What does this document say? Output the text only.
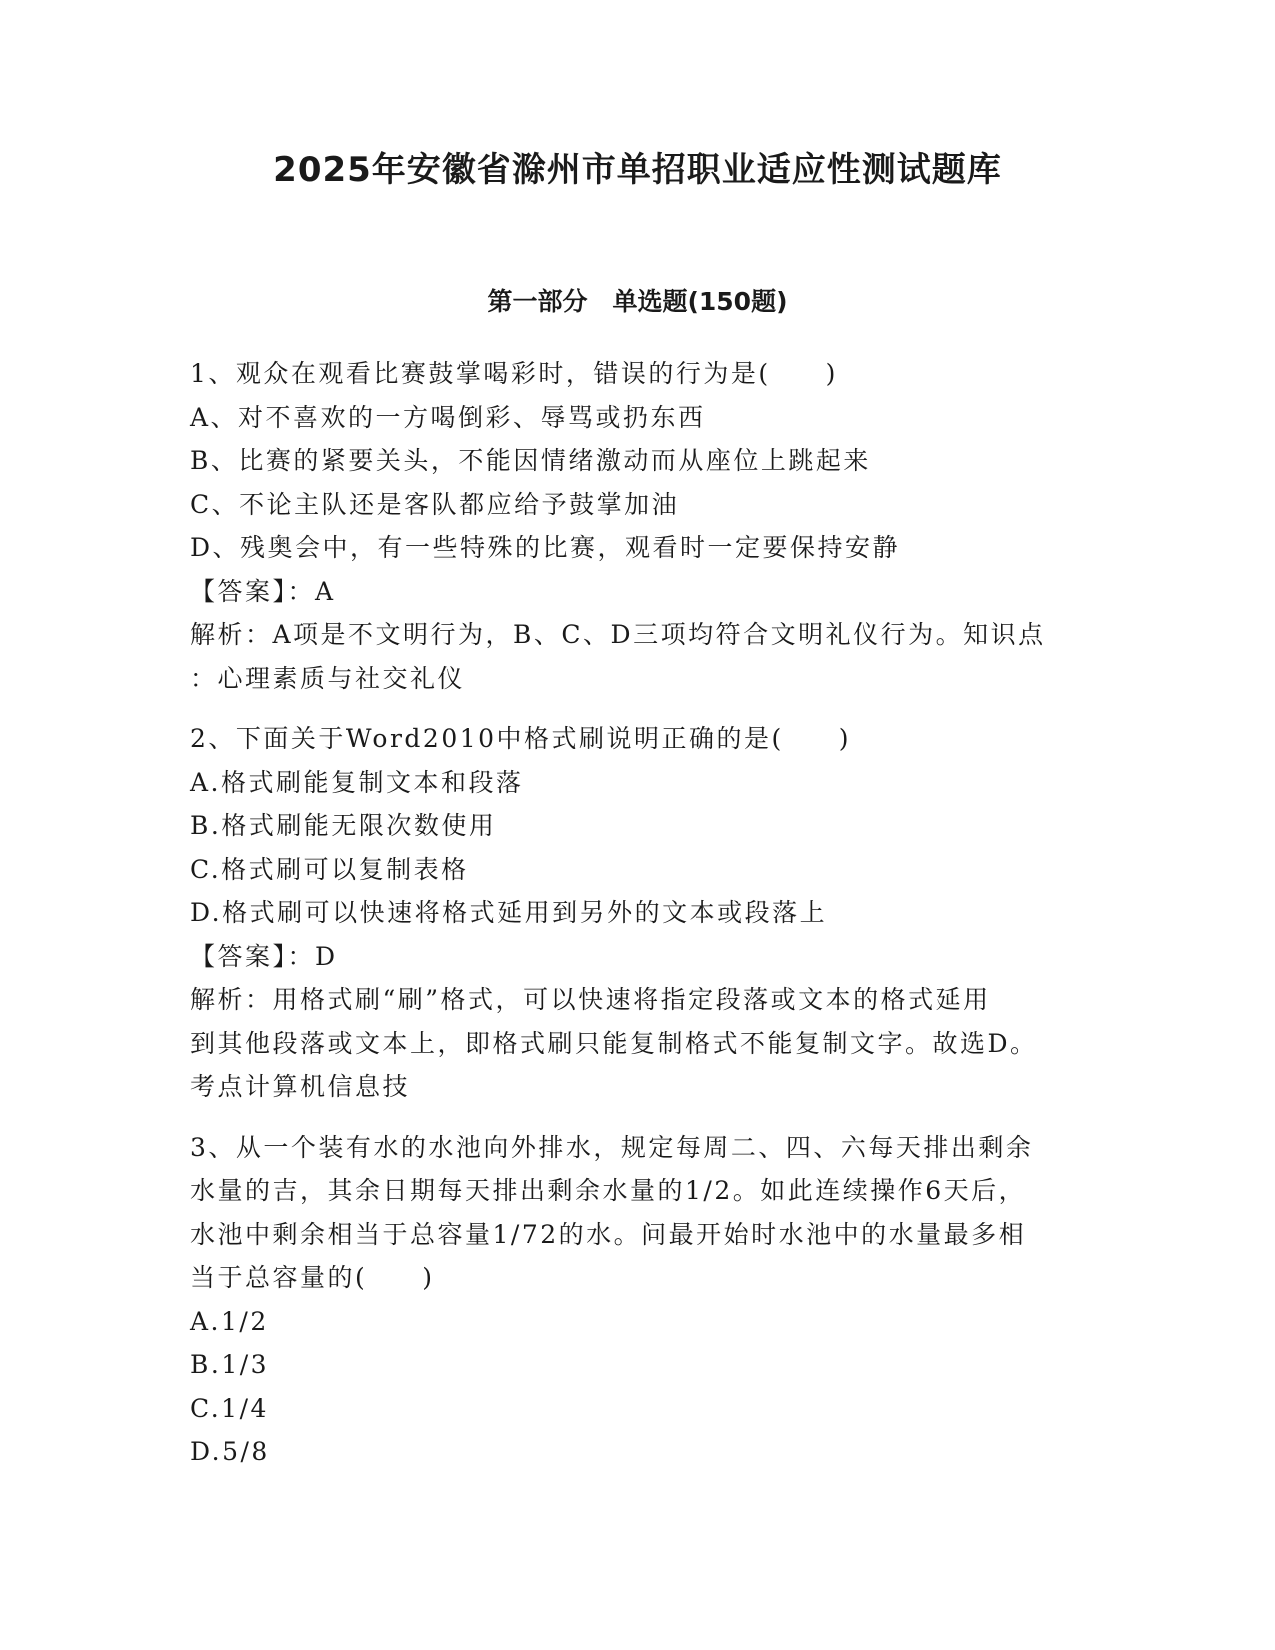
2025年安徽省滁州市单招职业适应性测试题库
第一部分　单选题(150题)
1、观众在观看比赛鼓掌喝彩时，错误的行为是(　　)
A、对不喜欢的一方喝倒彩、辱骂或扔东西
B、比赛的紧要关头，不能因情绪激动而从座位上跳起来
C、不论主队还是客队都应给予鼓掌加油
D、残奥会中，有一些特殊的比赛，观看时一定要保持安静
【答案】：A
解析：A项是不文明行为，B、C、D三项均符合文明礼仪行为。知识点
：心理素质与社交礼仪
2、下面关于Word2010中格式刷说明正确的是(　　)
A.格式刷能复制文本和段落
B.格式刷能无限次数使用
C.格式刷可以复制表格
D.格式刷可以快速将格式延用到另外的文本或段落上
【答案】：D
解析：用格式刷“刷”格式，可以快速将指定段落或文本的格式延用
到其他段落或文本上，即格式刷只能复制格式不能复制文字。故选D。
考点计算机信息技
3、从一个装有水的水池向外排水，规定每周二、四、六每天排出剩余
水量的吉，其余日期每天排出剩余水量的1/2。如此连续操作6天后，
水池中剩余相当于总容量1/72的水。问最开始时水池中的水量最多相
当于总容量的(　　)
A.1/2
B.1/3
C.1/4
D.5/8
